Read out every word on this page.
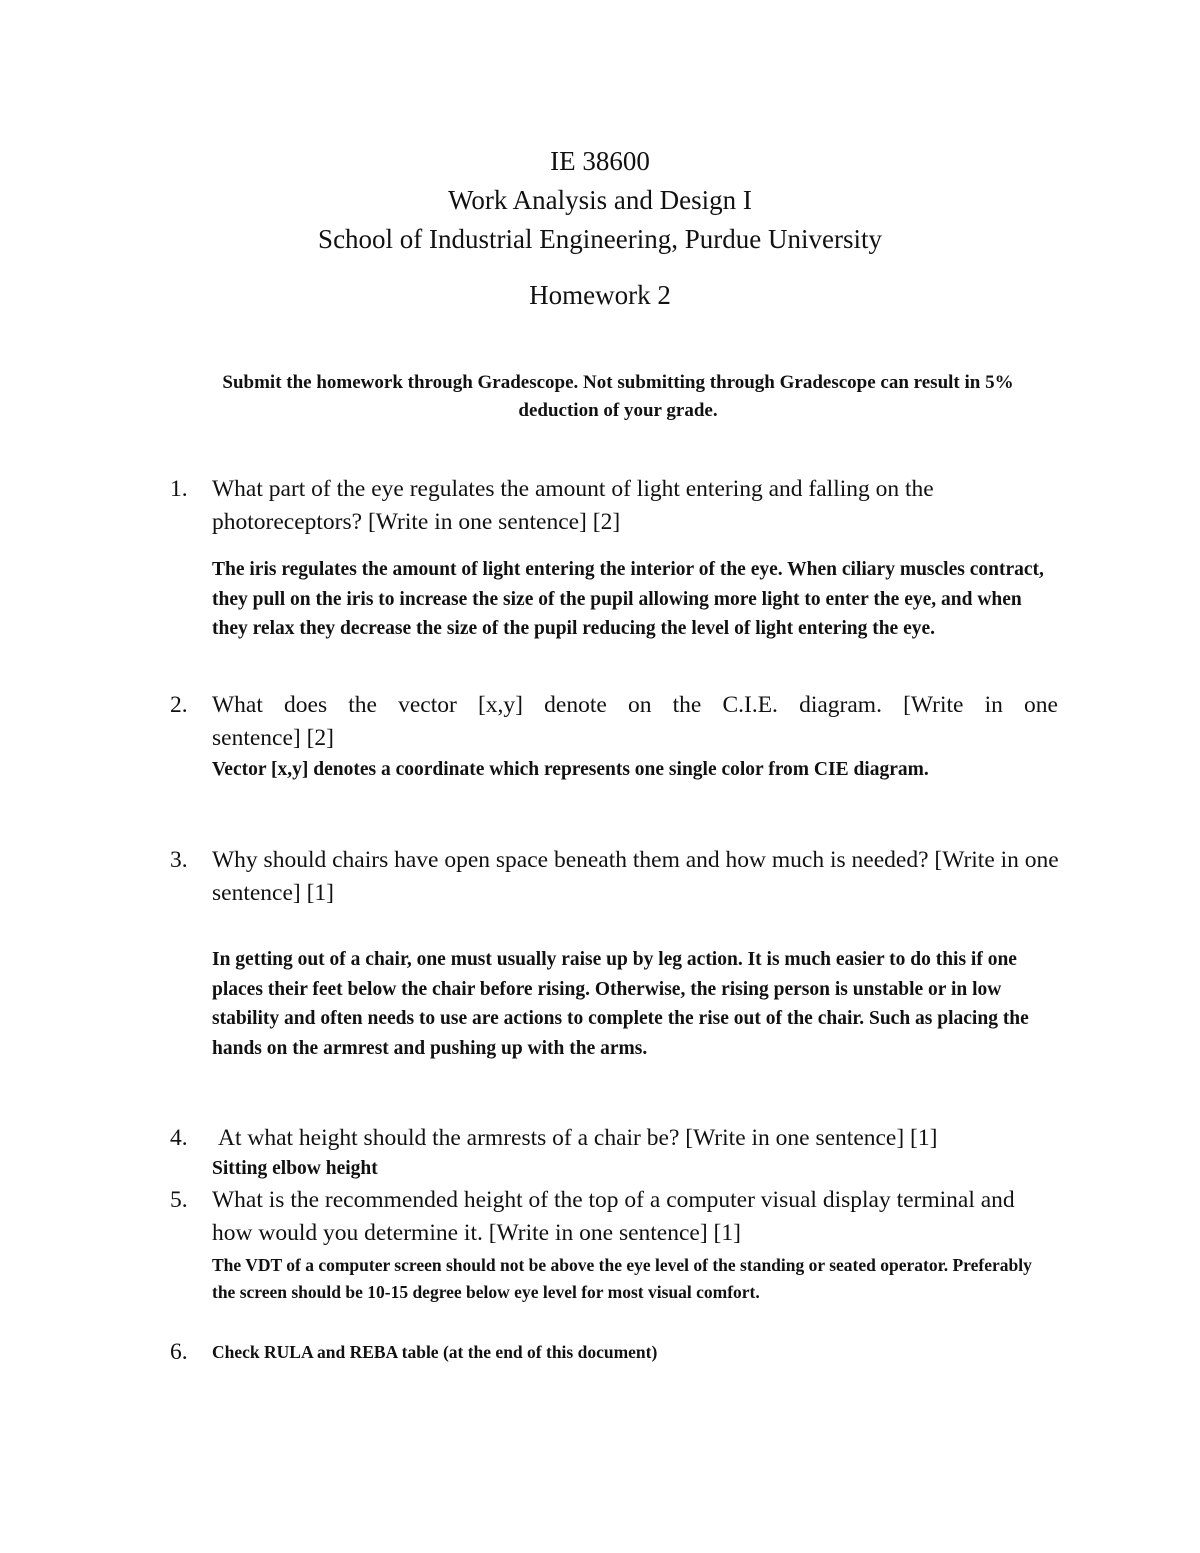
IE 38600
Work Analysis and Design I
School of Industrial Engineering, Purdue University
Homework 2
Submit the homework through Gradescope. Not submitting through Gradescope can result in 5% deduction of your grade.
1. What part of the eye regulates the amount of light entering and falling on the photoreceptors? [Write in one sentence] [2]
The iris regulates the amount of light entering the interior of the eye. When ciliary muscles contract, they pull on the iris to increase the size of the pupil allowing more light to enter the eye, and when they relax they decrease the size of the pupil reducing the level of light entering the eye.
2. What does the vector [x,y] denote on the C.I.E. diagram. [Write in one
sentence] [2]
Vector [x,y] denotes a coordinate which represents one single color from CIE diagram.
3. Why should chairs have open space beneath them and how much is needed? [Write in one sentence] [1]
In getting out of a chair, one must usually raise up by leg action. It is much easier to do this if one places their feet below the chair before rising. Otherwise, the rising person is unstable or in low stability and often needs to use are actions to complete the rise out of the chair. Such as placing the hands on the armrest and pushing up with the arms.
4. At what height should the armrests of a chair be? [Write in one sentence] [1]
Sitting elbow height
5. What is the recommended height of the top of a computer visual display terminal and how would you determine it. [Write in one sentence] [1]
The VDT of a computer screen should not be above the eye level of the standing or seated operator. Preferably the screen should be 10-15 degree below eye level for most visual comfort.
6. Check RULA and REBA table (at the end of this document)
